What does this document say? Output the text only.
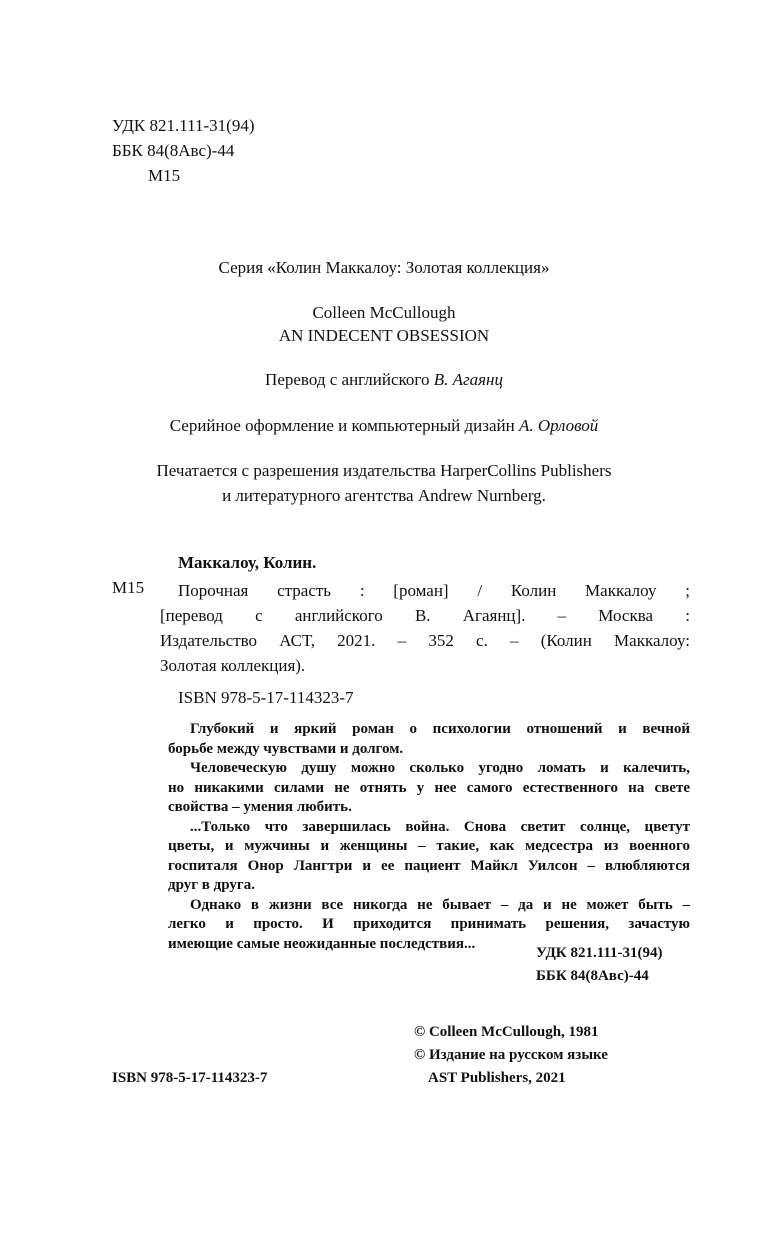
УДК 821.111-31(94)
ББК 84(8Авс)-44
М15
Серия «Колин Маккалоу: Золотая коллекция»
Colleen McCullough
AN INDECENT OBSESSION
Перевод с английского В. Агаянц
Серийное оформление и компьютерный дизайн А. Орловой
Печатается с разрешения издательства HarperCollins Publishers
и литературного агентства Andrew Nurnberg.
Маккалоу, Колин.
М15	Порочная страсть : [роман] / Колин Маккалоу ;
[перевод с английского В. Агаянц]. – Москва :
Издательство АСТ, 2021. – 352 с. – (Колин Маккалоу:
Золотая коллекция).
ISBN 978-5-17-114323-7
Глубокий и яркий роман о психологии отношений и вечной
борьбе между чувствами и долгом.
Человеческую душу можно сколько угодно ломать и калечить,
но никакими силами не отнять у нее самого естественного на свете
свойства – умения любить.
...Только что завершилась война. Снова светит солнце, цветут
цветы, и мужчины и женщины – такие, как медсестра из военного
госпиталя Онор Лангтри и ее пациент Майкл Уилсон – влюбляются
друг в друга.
Однако в жизни все никогда не бывает – да и не может быть –
легко и просто. И приходится принимать решения, зачастую
имеющие самые неожиданные последствия...
УДК 821.111-31(94)
ББК 84(8Авс)-44
© Colleen McCullough, 1981
© Издание на русском языке
AST Publishers, 2021
ISBN 978-5-17-114323-7
